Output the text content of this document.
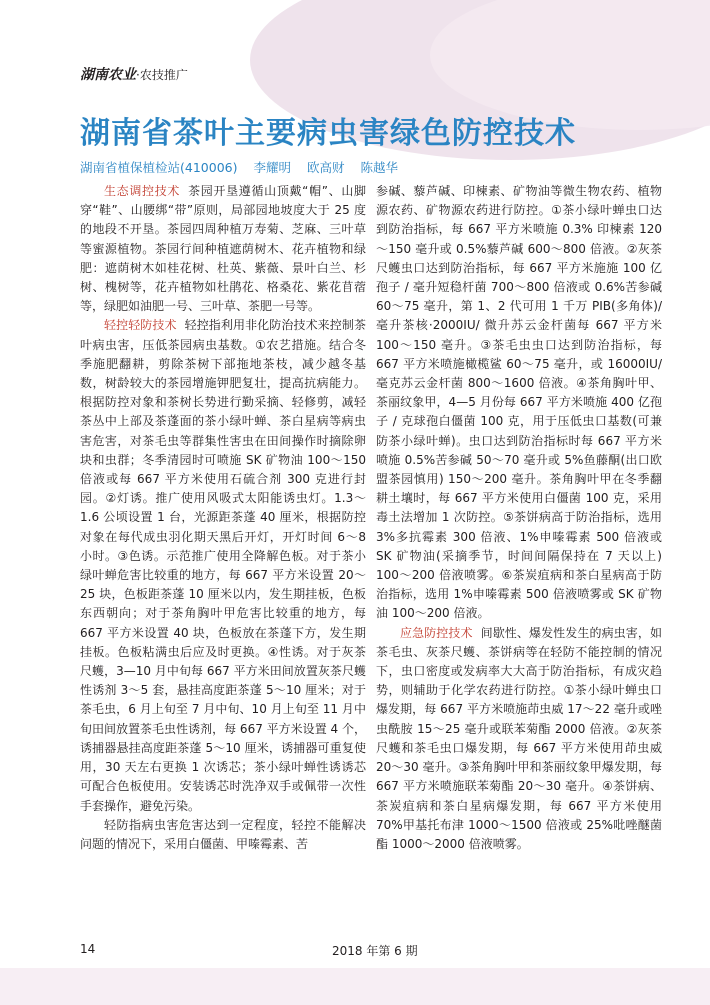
湖南农业·农技推广
湖南省茶叶主要病虫害绿色防控技术
湖南省植保植检站(410006) 李耀明 欧高财 陈越华

生态调控技术 茶园开垦遵循山顶戴“帽”、山脚穿“鞋”、山腰绑“带”原则，局部园地坡度大于 25 度的地段不开垦。茶园四周种植万寿菊、芝麻、三叶草等蜜源植物。茶园行间种植遮荫树木、花卉植物和绿肥：遮荫树木如桂花树、杜英、紫薇、景叶白兰、杉树、槐树等，花卉植物如杜鹃花、格桑花、紫花苜蓿等，绿肥如油肥一号、三叶草、茶肥一号等。

轻控轻防技术 轻控指利用非化防治技术来控制茶叶病虫害，压低茶园病虫基数。①农艺措施。结合冬季施肥翻耕，剪除茶树下部拖地茶枝，减少越冬基数，树龄较大的茶园增施钾肥复壮，提高抗病能力。根据防控对象和茶树长势进行勤采摘、轻修剪，减轻茶丛中上部及茶蓬面的茶小绿叶蝉、茶白星病等病虫害危害，对茶毛虫等群集性害虫在田间操作时摘除卵块和虫群；冬季清园时可喷施 SK 矿物油 100～150 倍液或每 667 平方米使用石硫合剂 300 克进行封园。②灯诱。推广使用风吸式太阳能诱虫灯。1.3～1.6 公顷设置 1 台，光源距茶蓬 40 厘米，根据防控对象在每代成虫羽化期天黑后开灯，开灯时间 6～8 小时。③色诱。示范推广使用全降解色板。对于茶小绿叶蝉危害比较重的地方，每 667 平方米设置 20～25 块，色板距茶蓬 10 厘米以内，发生期挂板，色板东西朝向；对于茶角胸叶甲危害比较重的地方，每 667 平方米设置 40 块，色板放在茶蓬下方，发生期挂板。色板粘满虫后应及时更换。④性诱。对于灰茶尺蠖，3—10 月中旬每 667 平方米田间放置灰茶尺蠖性诱剂 3～5 套，悬挂高度距茶蓬 5～10 厘米；对于茶毛虫，6 月上旬至 7 月中旬、10 月上旬至 11 月中旬田间放置茶毛虫性诱剂，每 667 平方米设置 4 个，诱捕器悬挂高度距茶蓬 5～10 厘米，诱捕器可重复使用，30 天左右更换 1 次诱芯；茶小绿叶蝉性诱诱芯可配合色板使用。安装诱芯时洗净双手或佩带一次性手套操作，避免污染。

轻防指病虫害危害达到一定程度，轻控不能解决问题的情况下，采用白僵菌、甲嗪霉素、苦

参碱、藜芦碱、印楝素、矿物油等微生物农药、植物源农药、矿物源农药进行防控。①茶小绿叶蝉虫口达到防治指标，每 667 平方米喷施 0.3% 印楝素 120～150 毫升或 0.5%藜芦碱 600～800 倍液。②灰茶尺蠖虫口达到防治指标，每 667 平方米施施 100 亿孢子 / 毫升短稳杆菌 700～800 倍液或 0.6%苦参碱 60～75 毫升，第 1、2 代可用 1 千万 PIB(多角体)/ 毫升茶核·2000IU/ 微升苏云金杆菌每 667 平方米 100～150 毫升。③茶毛虫虫口达到防治指标，每 667 平方米喷施橄榄鲨 60～75 毫升，或 16000IU/ 毫克苏云金杆菌 800～1600 倍液。④茶角胸叶甲、茶丽纹象甲，4—5 月份每 667 平方米喷施 400 亿孢子 / 克球孢白僵菌 100 克，用于压低虫口基数(可兼防茶小绿叶蝉)。虫口达到防治指标时每 667 平方米喷施 0.5%苦参碱 50～70 毫升或 5%鱼藤酮(出口欧盟茶园慎用) 150～200 毫升。茶角胸叶甲在冬季翻耕土壤时，每 667 平方米使用白僵菌 100 克，采用毒土法增加 1 次防控。⑤茶饼病高于防治指标，选用 3%多抗霉素 300 倍液、1%申嗪霉素 500 倍液或 SK 矿物油(采摘季节，时间间隔保持在 7 天以上) 100～200 倍液喷雾。⑥茶炭疽病和茶白星病高于防治指标，选用 1%申嗪霉素 500 倍液喷雾或 SK 矿物油 100～200 倍液。

应急防控技术 间歇性、爆发性发生的病虫害，如茶毛虫、灰茶尺蠖、茶饼病等在轻防不能控制的情况下，虫口密度或发病率大大高于防治指标，有成灾趋势，则辅助于化学农药进行防控。①茶小绿叶蝉虫口爆发期，每 667 平方米喷施茚虫威 17～22 毫升或唑虫酰胺 15～25 毫升或联苯菊酯 2000 倍液。②灰茶尺蠖和茶毛虫口爆发期，每 667 平方米使用茚虫威 20～30 毫升。③茶角胸叶甲和茶丽纹象甲爆发期，每 667 平方米喷施联苯菊酯 20～30 毫升。④茶饼病、茶炭疽病和茶白星病爆发期，每 667 平方米使用 70%甲基托布津 1000～1500 倍液或 25%吡唑醚菌酯 1000～2000 倍液喷雾。

14	2018 年第 6 期
